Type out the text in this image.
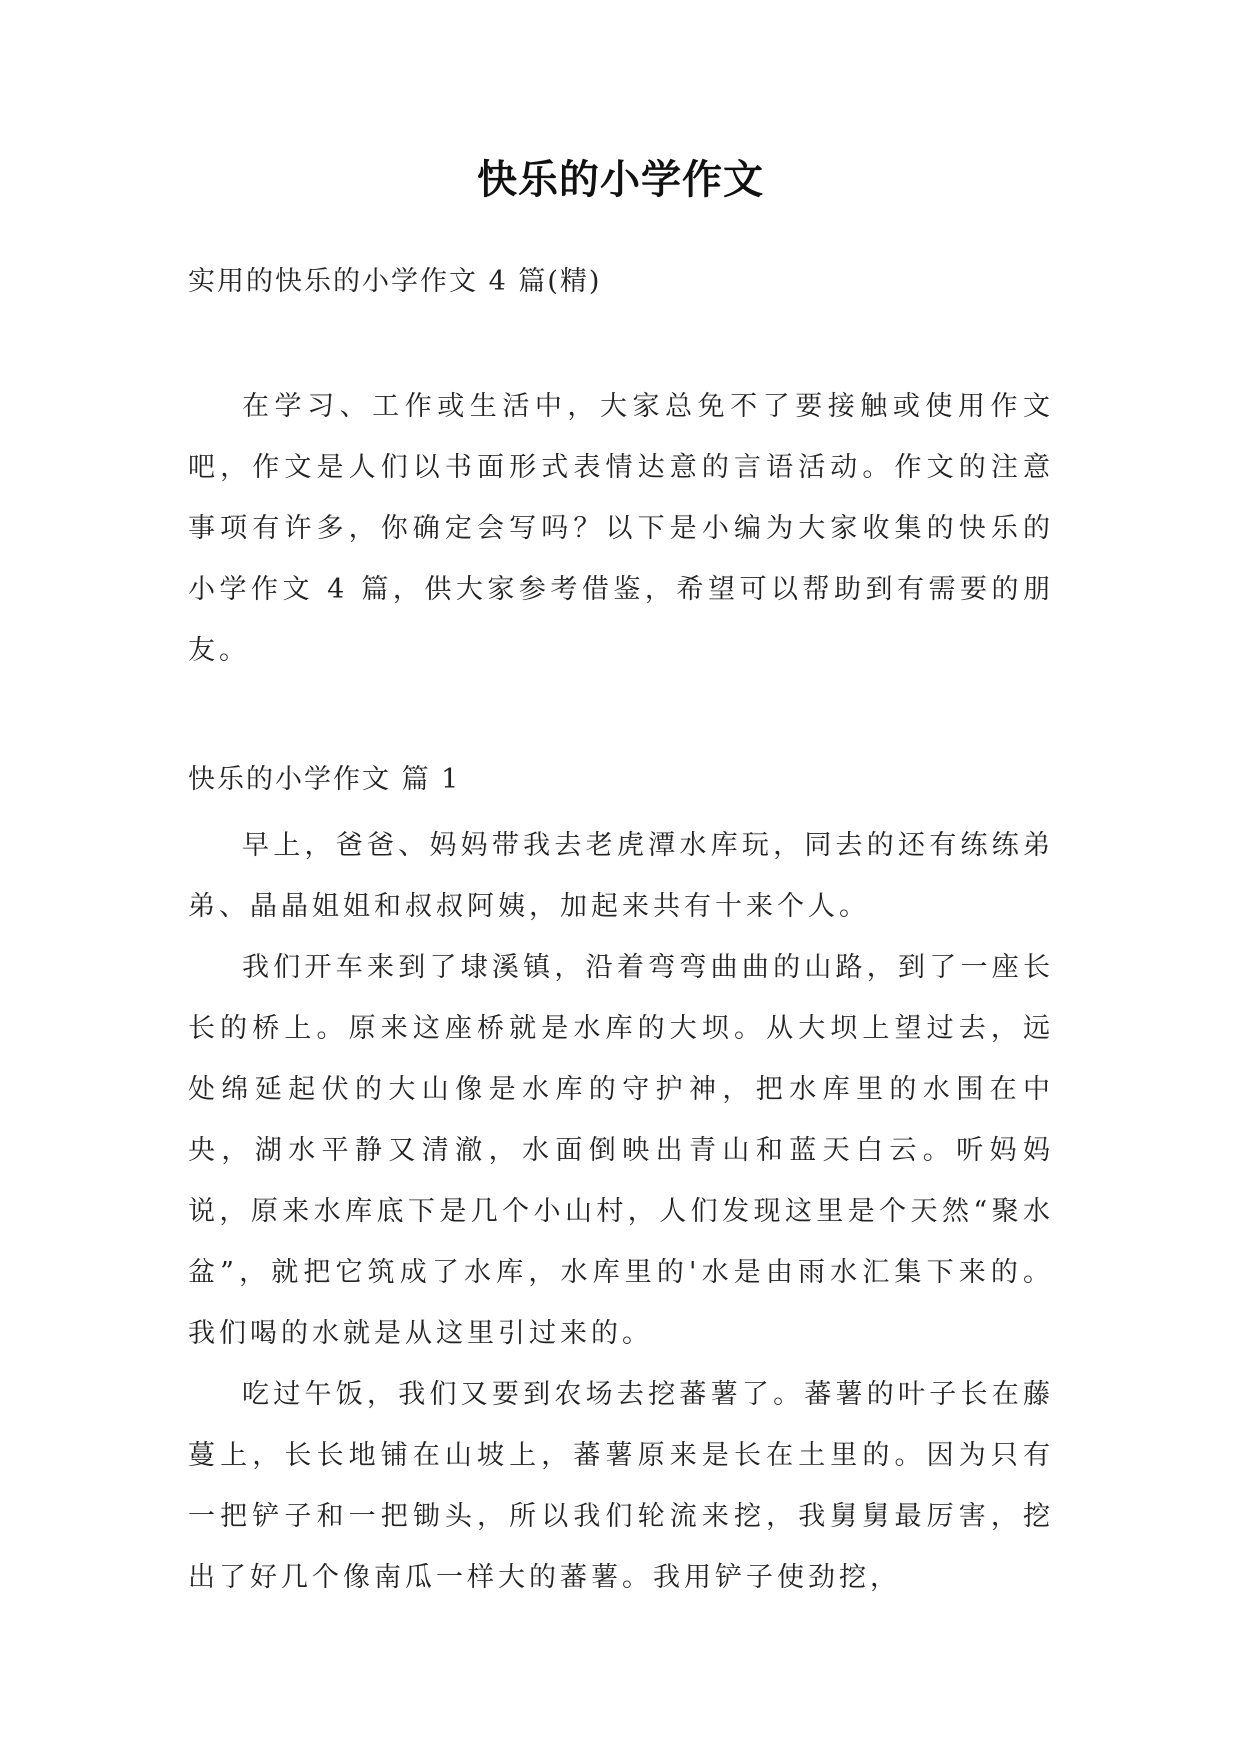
快乐的小学作文
实用的快乐的小学作文 4 篇(精)

在学习、工作或生活中，大家总免不了要接触或使用作文吧，作文是人们以书面形式表情达意的言语活动。作文的注意事项有许多，你确定会写吗？以下是小编为大家收集的快乐的小学作文 4 篇，供大家参考借鉴，希望可以帮助到有需要的朋友。

快乐的小学作文 篇 1

早上，爸爸、妈妈带我去老虎潭水库玩，同去的还有练练弟弟、晶晶姐姐和叔叔阿姨，加起来共有十来个人。

我们开车来到了埭溪镇，沿着弯弯曲曲的山路，到了一座长长的桥上。原来这座桥就是水库的大坝。从大坝上望过去，远处绵延起伏的大山像是水库的守护神，把水库里的水围在中央，湖水平静又清澈，水面倒映出青山和蓝天白云。听妈妈说，原来水库底下是几个小山村，人们发现这里是个天然“聚水盆”，就把它筑成了水库，水库里的'水是由雨水汇集下来的。我们喝的水就是从这里引过来的。

吃过午饭，我们又要到农场去挖蕃薯了。蕃薯的叶子长在藤蔓上，长长地铺在山坡上，蕃薯原来是长在土里的。因为只有一把铲子和一把锄头，所以我们轮流来挖，我舅舅最厉害，挖出了好几个像南瓜一样大的蕃薯。我用铲子使劲挖，
